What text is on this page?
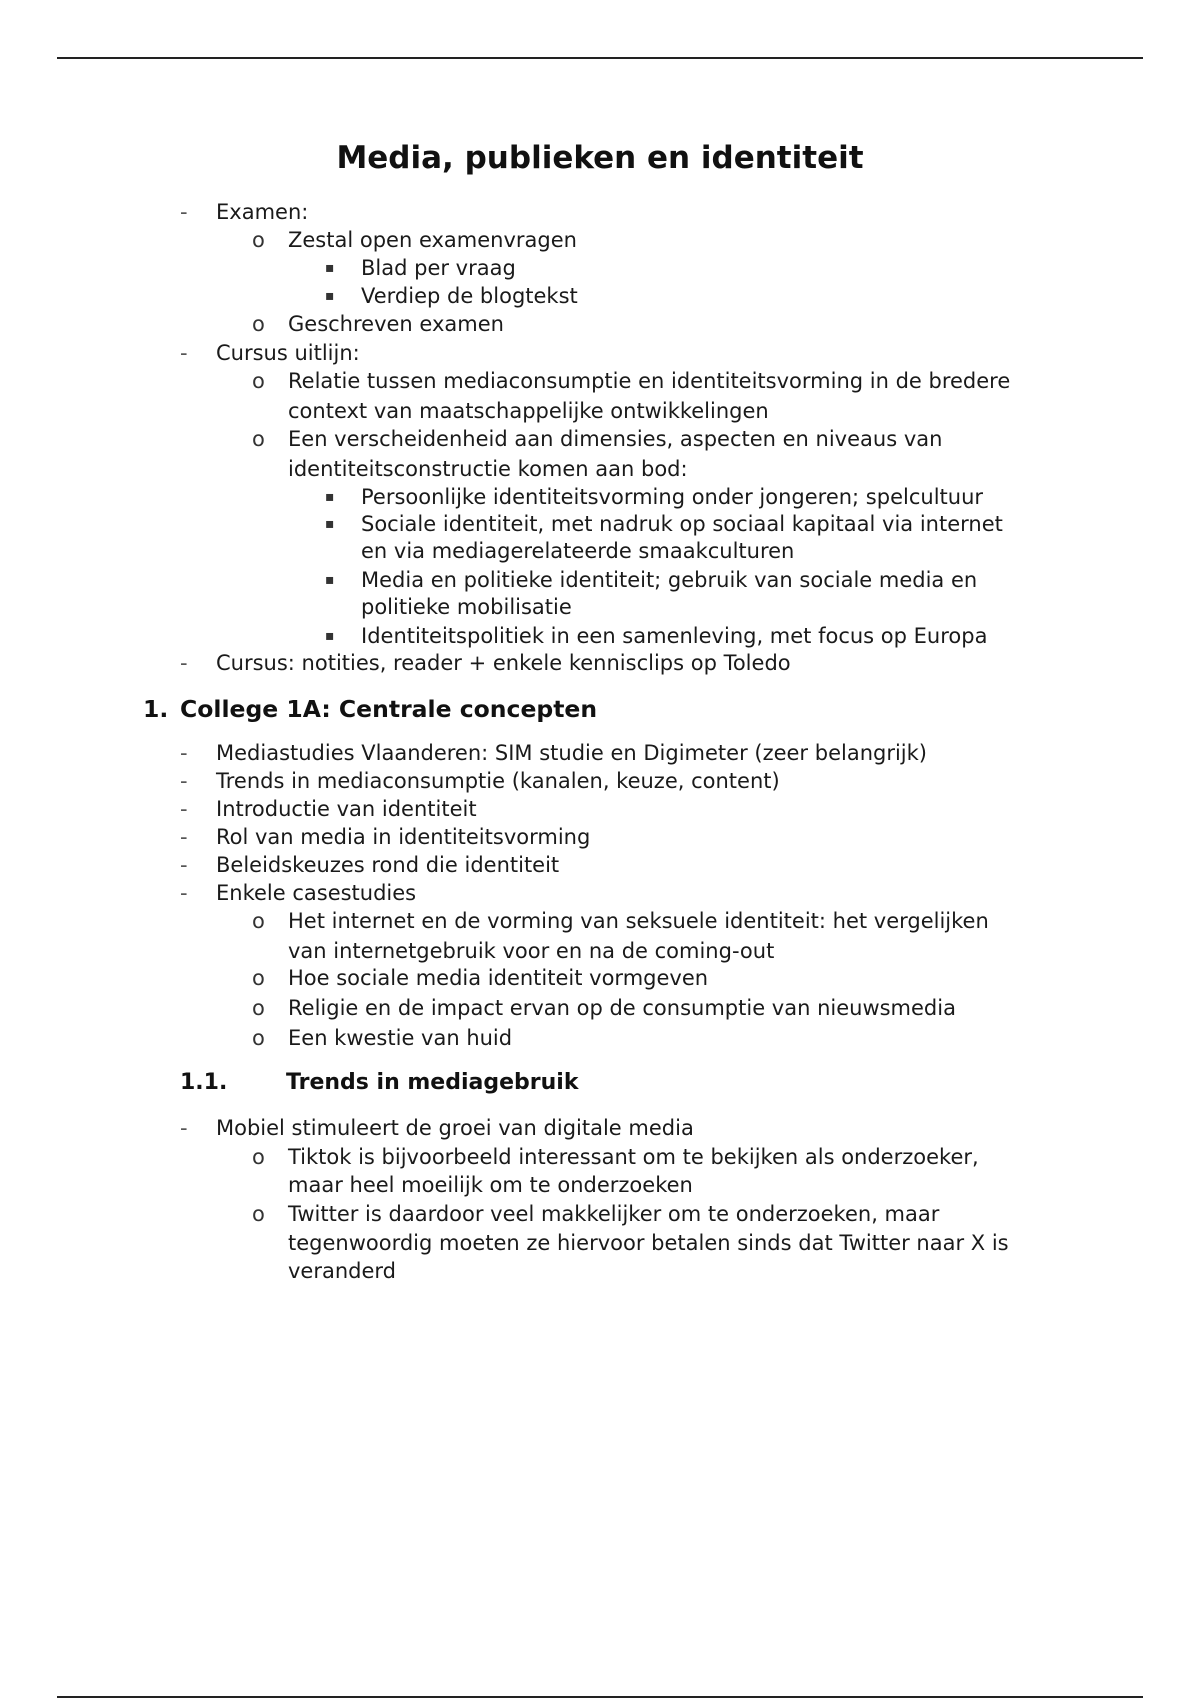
Media, publieken en identiteit
- Examen:

o Zestal open examenvragen

▪ Blad per vraag

▪ Verdiep de blogtekst

o Geschreven examen

- Cursus uitlijn:

o Relatie tussen mediaconsumptie en identiteitsvorming in de bredere

context van maatschappelijke ontwikkelingen

o Een verscheidenheid aan dimensies, aspecten en niveaus van

identiteitsconstructie komen aan bod:

▪ Persoonlijke identiteitsvorming onder jongeren; spelcultuur

▪ Sociale identiteit, met nadruk op sociaal kapitaal via internet

en via mediagerelateerde smaakculturen

▪ Media en politieke identiteit; gebruik van sociale media en

politieke mobilisatie

▪ Identiteitspolitiek in een samenleving, met focus op Europa

- Cursus: notities, reader + enkele kennisclips op Toledo

1. College 1A: Centrale concepten

- Mediastudies Vlaanderen: SIM studie en Digimeter (zeer belangrijk)

- Trends in mediaconsumptie (kanalen, keuze, content)

- Introductie van identiteit

- Rol van media in identiteitsvorming

- Beleidskeuzes rond die identiteit

- Enkele casestudies

o Het internet en de vorming van seksuele identiteit: het vergelijken

van internetgebruik voor en na de coming-out

o Hoe sociale media identiteit vormgeven

o Religie en de impact ervan op de consumptie van nieuwsmedia

o Een kwestie van huid

1.1.	Trends in mediagebruik

- Mobiel stimuleert de groei van digitale media

o Tiktok is bijvoorbeeld interessant om te bekijken als onderzoeker,

maar heel moeilijk om te onderzoeken

o Twitter is daardoor veel makkelijker om te onderzoeken, maar

tegenwoordig moeten ze hiervoor betalen sinds dat Twitter naar X is

veranderd
